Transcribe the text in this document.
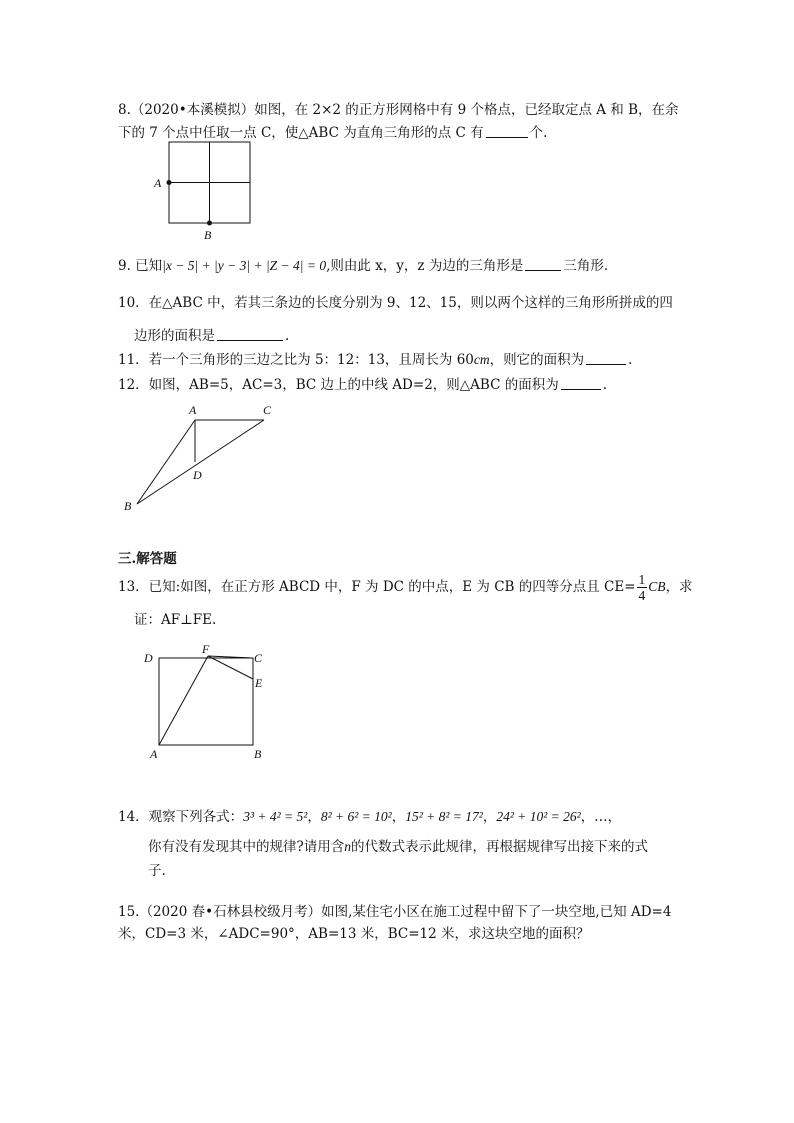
8.（2020•本溪模拟）如图，在 2×2 的正方形网格中有 9 个格点，已经取定点 A 和 B，在余
下的 7 个点中任取一点 C，使△ABC 为直角三角形的点 C 有	个.
A
B
9. 已知|x − 5| + |y − 3| + |Z − 4| = 0,则由此 x，y，z 为边的三角形是	三角形.
10．在△ABC 中，若其三条边的长度分别为 9、12、15，则以两个这样的三角形所拼成的四
边形的面积是	.
11．若一个三角形的三边之比为 5：12：13，且周长为 60cm，则它的面积为	.
12．如图，AB=5，AC=3，BC 边上的中线 AD=2，则△ABC 的面积为	.
A	C
D
B
三.解答题
13．已知:如图，在正方形 ABCD 中，F 为 DC 的中点，E 为 CB 的四等分点且 $CE= \frac{1}{4}$ CB，求
证：AF⊥FE.
D
F
C
E
A	B
14．观察下列各式：3³ + 4² = 5²，8² + 6² = 10²，15² + 8² = 17²，24² + 10² = 26²，…，
你有没有发现其中的规律?请用含n的代数式表示此规律，再根据规律写出接下来的式
子.
15.（2020 春•石林县校级月考）如图,某住宅小区在施工过程中留下了一块空地,已知 AD=4
米，CD=3 米，∠ADC=90°，AB=13 米，BC=12 米，求这块空地的面积？
